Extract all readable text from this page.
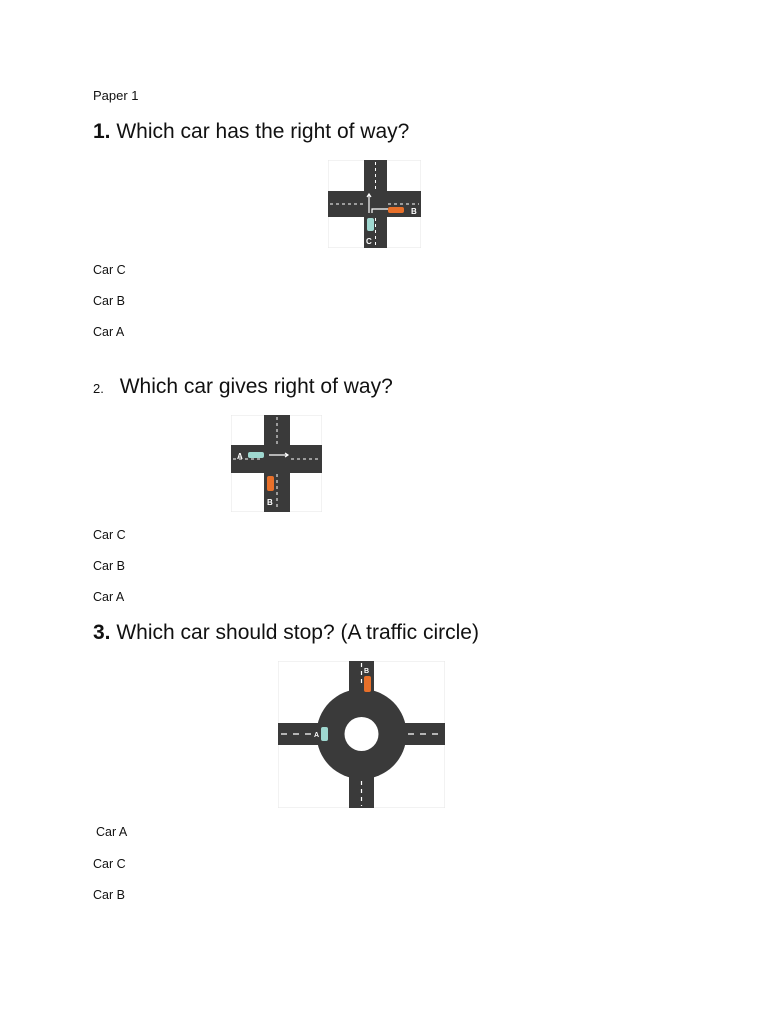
Paper 1
1. Which car has the right of way?
B
C
Car C
Car B
Car A
2. Which car gives right of way?
A
B
Car C
Car B
Car A
3. Which car should stop? (A traffic circle)
A
B
Car A
Car C
Car B
